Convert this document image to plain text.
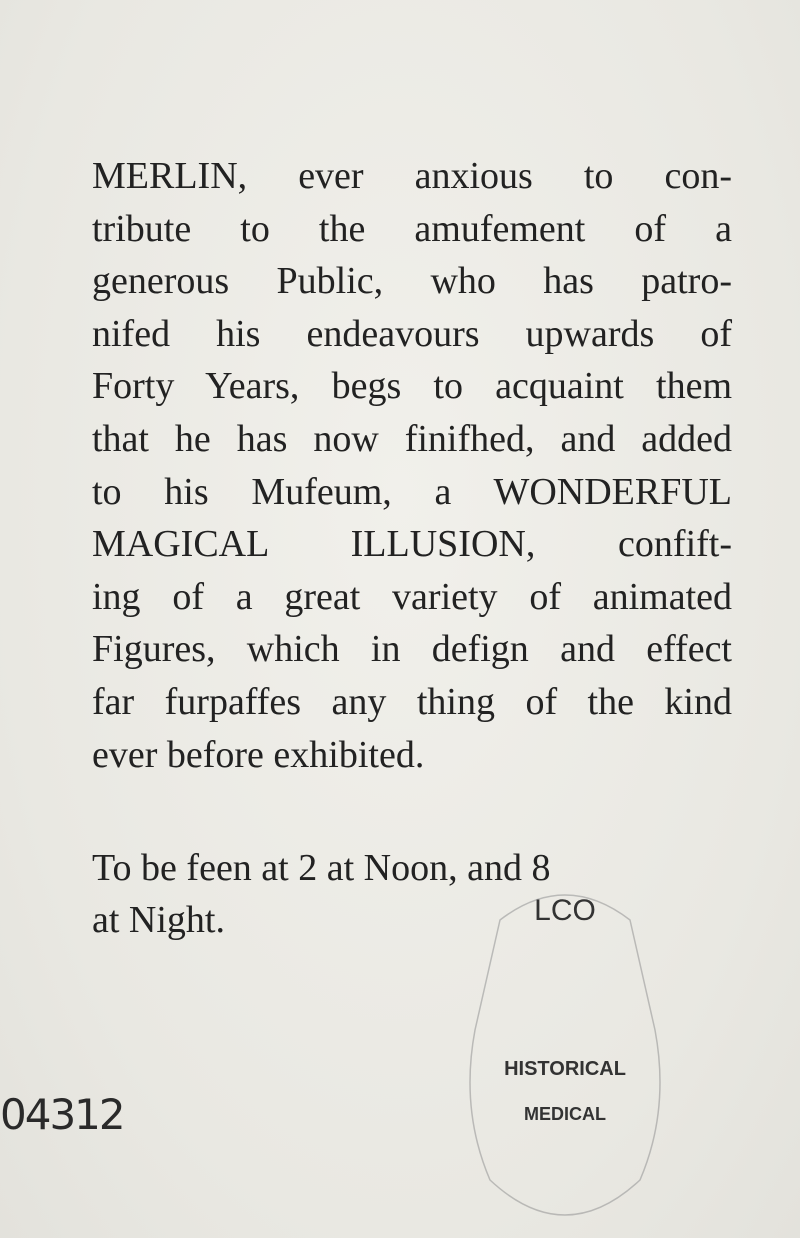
MERLIN, ever anxious to con-
tribute to the amufement of a
generous Public, who has patro-
nifed his endeavours upwards of
Forty Years, begs to acquaint them
that he has now finifhed, and added
to his Mufeum, a WONDERFUL
MAGICAL ILLUSION, confift-
ing of a great variety of animated
Figures, which in defign and effect
far furpaffes any thing of the kind
ever before exhibited.
To be feen at 2 at Noon, and 8
at Night.
04312
LCO
HISTORICAL
MEDICAL
